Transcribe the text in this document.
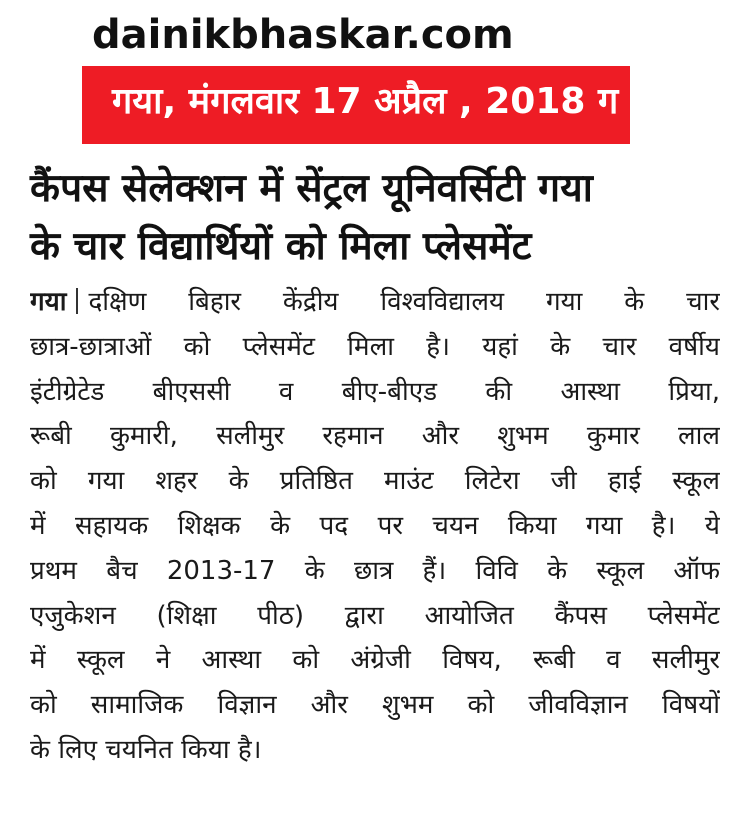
dainikbhaskar.com
गया, मंगलवार 17 अप्रैल , 2018 ग
कैंपस सेलेक्शन में सेंट्रल यूनिवर्सिटी गया
के चार विद्यार्थियों को मिला प्लेसमेंट
गया दक्षिण बिहार केंद्रीय विश्वविद्यालय गया के चार
छात्र-छात्राओं को प्लेसमेंट मिला है। यहां के चार वर्षीय
इंटीग्रेटेड बीएससी व बीए-बीएड की आस्था प्रिया,
रूबी कुमारी, सलीमुर रहमान और शुभम कुमार लाल
को गया शहर के प्रतिष्ठित माउंट लिटेरा जी हाई स्कूल
में सहायक शिक्षक के पद पर चयन किया गया है। ये
प्रथम बैच 2013-17 के छात्र हैं। विवि के स्कूल ऑफ
एजुकेशन (शिक्षा पीठ) द्वारा आयोजित कैंपस प्लेसमेंट
में स्कूल ने आस्था को अंग्रेजी विषय, रूबी व सलीमुर
को सामाजिक विज्ञान और शुभम को जीवविज्ञान विषयों
के लिए चयनित किया है।
